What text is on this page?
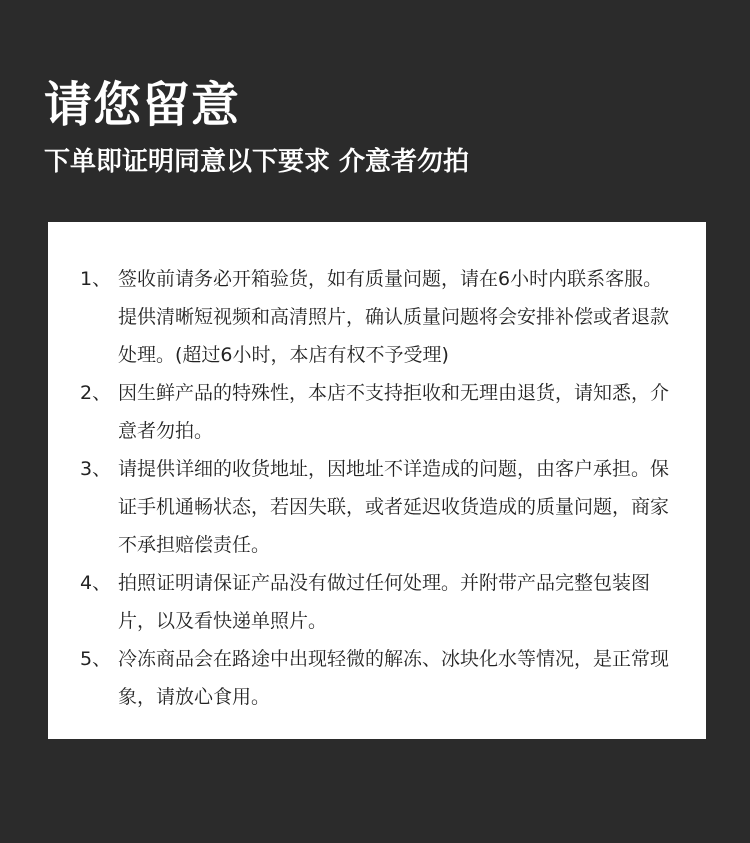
请您留意
下单即证明同意以下要求 介意者勿拍
1、 签收前请务必开箱验货，如有质量问题，请在6小时内联系客服。提供清晰短视频和高清照片，确认质量问题将会安排补偿或者退款处理。(超过6小时，本店有权不予受理)
2、 因生鲜产品的特殊性，本店不支持拒收和无理由退货，请知悉，介意者勿拍。
3、 请提供详细的收货地址，因地址不详造成的问题，由客户承担。保证手机通畅状态，若因失联，或者延迟收货造成的质量问题，商家不承担赔偿责任。
4、 拍照证明请保证产品没有做过任何处理。并附带产品完整包装图片，以及看快递单照片。
5、 冷冻商品会在路途中出现轻微的解冻、冰块化水等情况，是正常现象，请放心食用。
